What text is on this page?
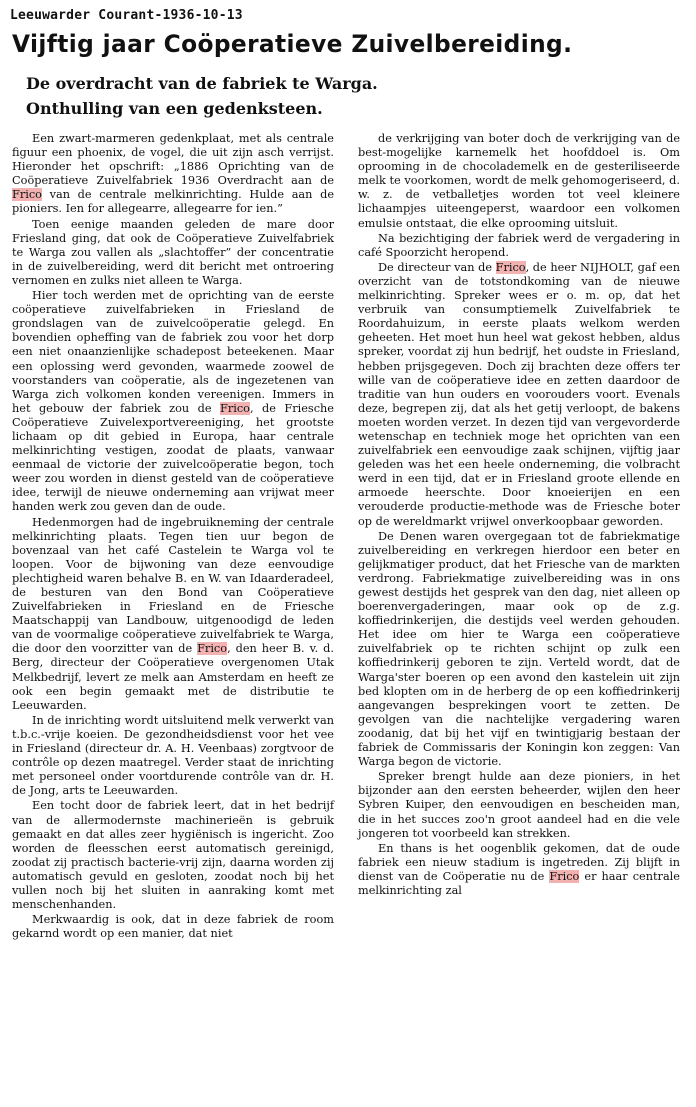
Leeuwarder Courant-1936-10-13
Vijftig jaar Coöperatieve Zuivelbereiding.
De overdracht van de fabriek te Warga.
Onthulling van een gedenksteen.

Een zwart-marmeren gedenkplaat, met als centrale figuur een phoenix, de vogel, die uit zijn asch verrijst. Hieronder het opschrift: „1886 Oprichting van de Coöperatieve Zuivelfabriek 1936 Overdracht aan de Frico van de centrale melkinrichting. Hulde aan de pioniers. Ien for allegearre, allegearre for ien.”

Toen eenige maanden geleden de mare door Friesland ging, dat ook de Coöperatieve Zuivelfabriek te Warga zou vallen als „slachtoffer” der concentratie in de zuivelbereiding, werd dit bericht met ontroering vernomen en zulks niet alleen te Warga.

Hier toch werden met de oprichting van de eerste coöperatieve zuivelfabrieken in Friesland de grondslagen van de zuivelcoöperatie gelegd. En bovendien opheffing van de fabriek zou voor het dorp een niet onaanzienlijke schadepost beteekenen. Maar een oplossing werd gevonden, waarmede zoowel de voorstanders van coöperatie, als de ingezetenen van Warga zich volkomen konden vereenigen. Immers in het gebouw der fabriek zou de Frico, de Friesche Coöperatieve Zuivelexportvereeniging, het grootste lichaam op dit gebied in Europa, haar centrale melkinrichting vestigen, zoodat de plaats, vanwaar eenmaal de victorie der zuivelcoöperatie begon, toch weer zou worden in dienst gesteld van de coöperatieve idee, terwijl de nieuwe onderneming aan vrijwat meer handen werk zou geven dan de oude.

Hedenmorgen had de ingebruikneming der centrale melkinrichting plaats. Tegen tien uur begon de bovenzaal van het café Castelein te Warga vol te loopen. Voor de bijwoning van deze eenvoudige plechtigheid waren behalve B. en W. van Idaarderadeel, de besturen van den Bond van Coöperatieve Zuivelfabrieken in Friesland en de Friesche Maatschappij van Landbouw, uitgenoodigd de leden van de voormalige coöperatieve zuivelfabriek te Warga, die door den voorzitter van de Frico, den heer B. v. d. Berg, directeur der Coöperatieve overgenomen Utak Melkbedrijf, levert ze melk aan Amsterdam en heeft ze ook een begin gemaakt met de distributie te Leeuwarden.

In de inrichting wordt uitsluitend melk verwerkt van t.b.c.-vrije koeien. De gezondheidsdienst voor het vee in Friesland (directeur dr. A. H. Veenbaas) zorgtvoor de contrôle op dezen maatregel. Verder staat de inrichting met personeel onder voortdurende contrôle van dr. H. de Jong, arts te Leeuwarden.

Een tocht door de fabriek leert, dat in het bedrijf van de allermodernste machinerieën is gebruik gemaakt en dat alles zeer hygiënisch is ingericht. Zoo worden de fleesschen eerst automatisch gereinigd, zoodat zij practisch bacterie-vrij zijn, daarna worden zij automatisch gevuld en gesloten, zoodat noch bij het vullen noch bij het sluiten in aanraking komt met menschenhanden.

Merkwaardig is ook, dat in deze fabriek de room gekarnd wordt op een manier, dat niet

de verkrijging van boter doch de verkrijging van de best-mogelijke karnemelk het hoofddoel is. Om oprooming in de chocolademelk en de gesteriliseerde melk te voorkomen, wordt de melk gehomogeriseerd, d. w. z. de vetballetjes worden tot veel kleinere lichaampjes uiteengeperst, waardoor een volkomen emulsie ontstaat, die elke oprooming uitsluit.

Na bezichtiging der fabriek werd de vergadering in café Spoorzicht heropend.

De directeur van de Frico, de heer NIJHOLT, gaf een overzicht van de totstondkoming van de nieuwe melkinrichting. Spreker wees er o. m. op, dat het verbruik van consumptiemelk Zuivelfabriek te Roordahuizum, in eerste plaats welkom werden geheeten. Het moet hun heel wat gekost hebben, aldus spreker, voordat zij hun bedrijf, het oudste in Friesland, hebben prijsgegeven. Doch zij brachten deze offers ter wille van de coöperatieve idee en zetten daardoor de traditie van hun ouders en voorouders voort. Evenals deze, begrepen zij, dat als het getij verloopt, de bakens moeten worden verzet. In dezen tijd van vergevorderde wetenschap en techniek moge het oprichten van een zuivelfabriek een eenvoudige zaak schijnen, vijftig jaar geleden was het een heele onderneming, die volbracht werd in een tijd, dat er in Friesland groote ellende en armoede heerschte. Door knoeierijen en een verouderde productie-methode was de Friesche boter op de wereldmarkt vrijwel onverkoopbaar geworden.

De Denen waren overgegaan tot de fabriekmatige zuivelbereiding en verkregen hierdoor een beter en gelijkmatiger product, dat het Friesche van de markten verdrong. Fabriekmatige zuivelbereiding was in ons gewest destijds het gesprek van den dag, niet alleen op boerenvergaderingen, maar ook op de z.g. koffiedrinkerijen, die destijds veel werden gehouden. Het idee om hier te Warga een coöperatieve zuivelfabriek op te richten schijnt op zulk een koffiedrinkerij geboren te zijn. Verteld wordt, dat de Warga'ster boeren op een avond den kastelein uit zijn bed klopten om in de herberg de op een koffiedrinkerij aangevangen besprekingen voort te zetten. De gevolgen van die nachtelijke vergadering waren zoodanig, dat bij het vijf en twintigjarig bestaan der fabriek de Commissaris der Koningin kon zeggen: Van Warga begon de victorie.

Spreker brengt hulde aan deze pioniers, in het bijzonder aan den eersten beheerder, wijlen den heer Sybren Kuiper, den eenvoudigen en bescheiden man, die in het succes zoo'n groot aandeel had en die vele jongeren tot voorbeeld kan strekken.

En thans is het oogenblik gekomen, dat de oude fabriek een nieuw stadium is ingetreden. Zij blijft in dienst van de Coöperatie nu de Frico er haar centrale melkinrichting zal
